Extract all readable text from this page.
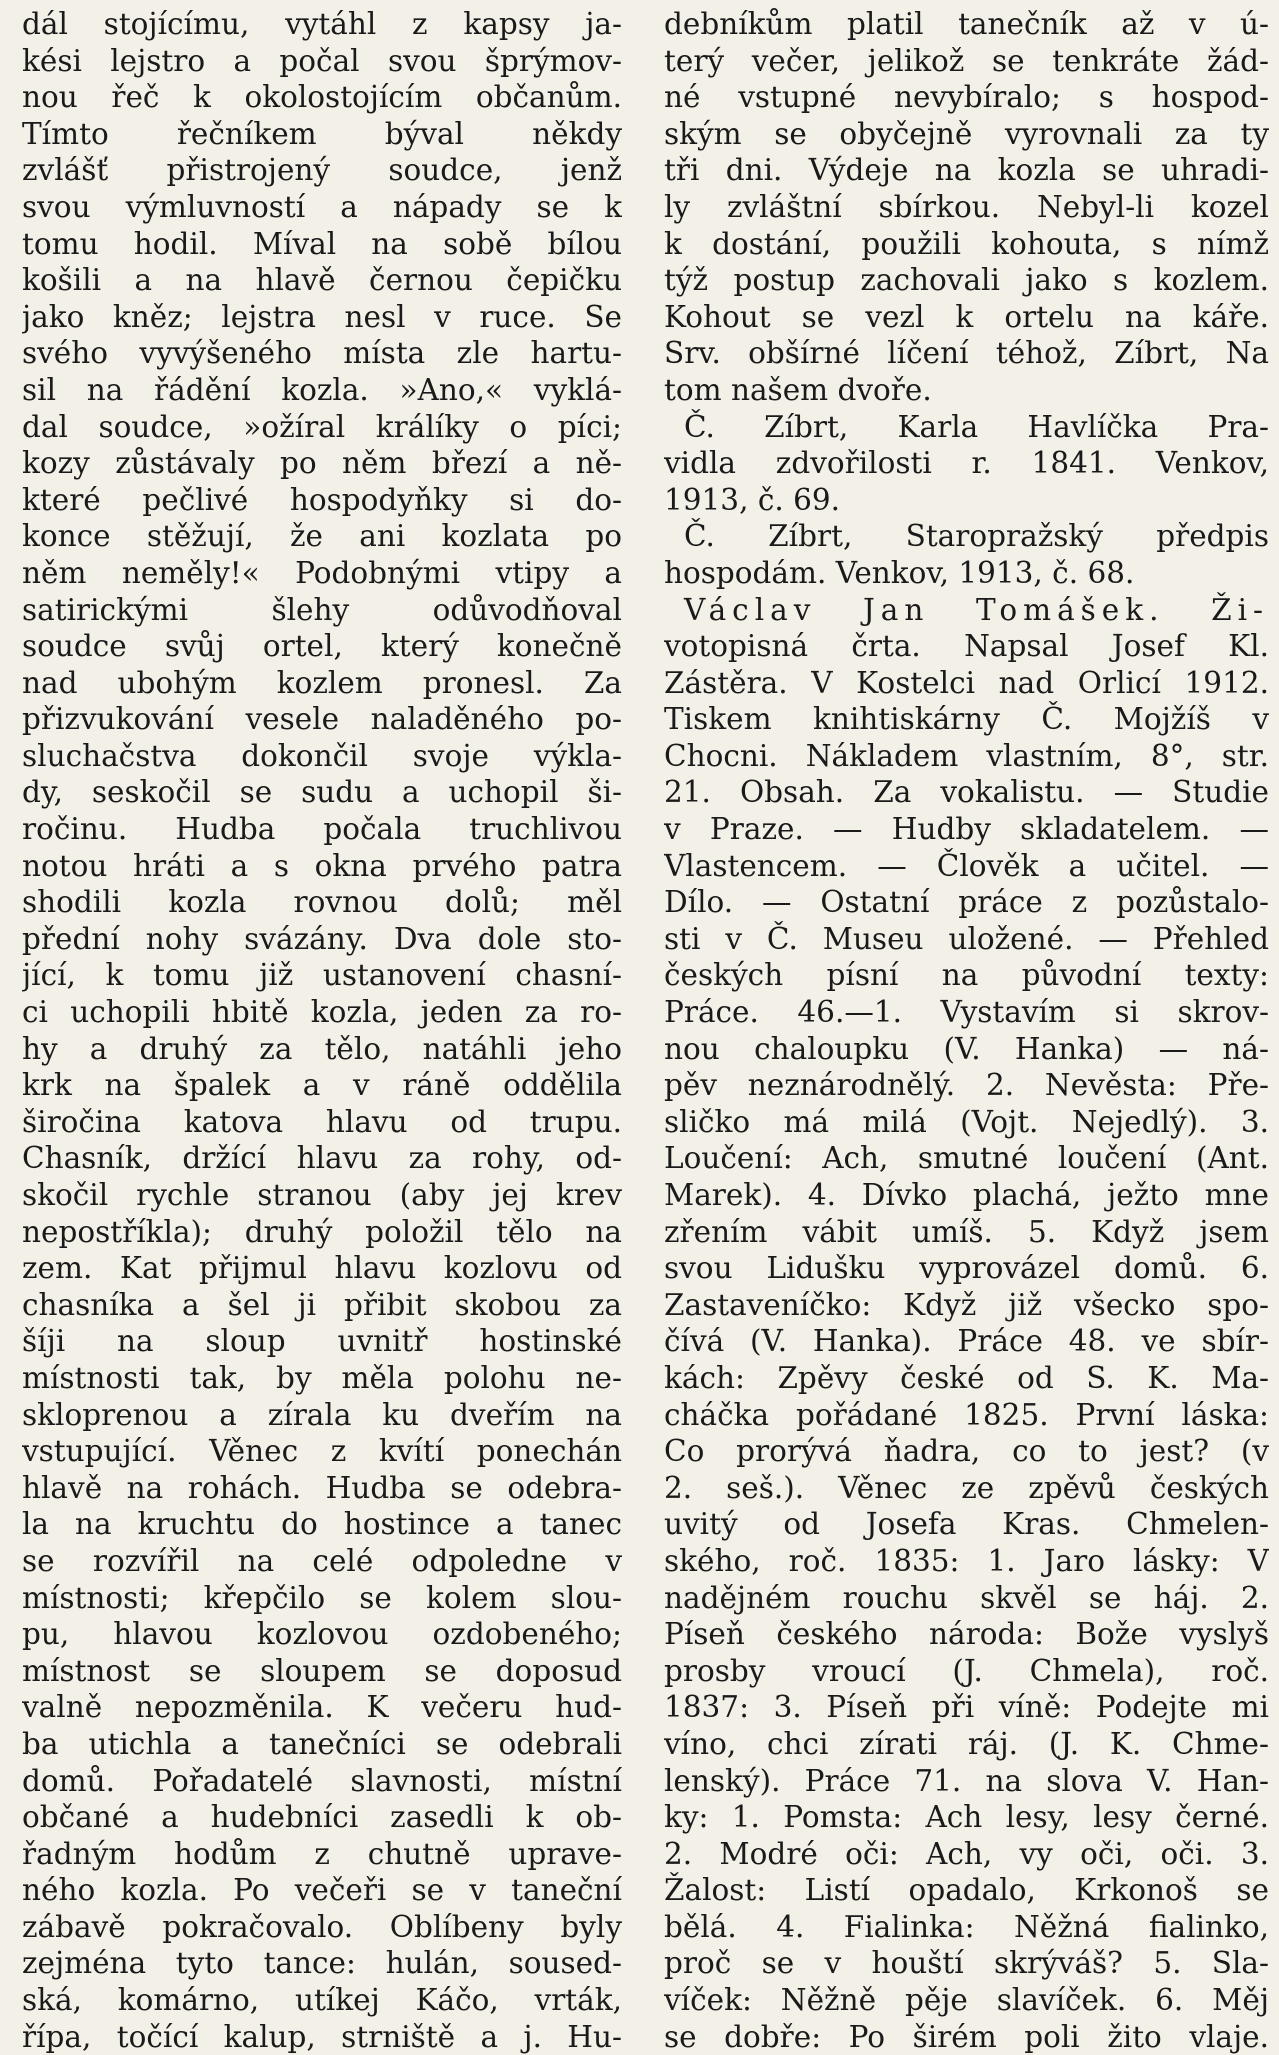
dál stojícímu, vytáhl z kapsy ja-
kési lejstro a počal svou šprýmov-
nou řeč k okolostojícím občanům.
Tímto řečníkem býval někdy
zvlášť přistrojený soudce, jenž
svou výmluvností a nápady se k
tomu hodil. Míval na sobě bílou
košili a na hlavě černou čepičku
jako kněz; lejstra nesl v ruce. Se
svého vyvýšeného místa zle hartu-
sil na řádění kozla. »Ano,« vyklá-
dal soudce, »ožíral králíky o píci;
kozy zůstávaly po něm březí a ně-
které pečlivé hospodyňky si do-
konce stěžují, že ani kozlata po
něm neměly!« Podobnými vtipy a
satirickými šlehy odůvodňoval
soudce svůj ortel, který konečně
nad ubohým kozlem pronesl. Za
přizvukování vesele naladěného po-
sluchačstva dokončil svoje výkla-
dy, seskočil se sudu a uchopil ši-
ročinu. Hudba počala truchlivou
notou hráti a s okna prvého patra
shodili kozla rovnou dolů; měl
přední nohy svázány. Dva dole sto-
jící, k tomu již ustanovení chasní-
ci uchopili hbitě kozla, jeden za ro-
hy a druhý za tělo, natáhli jeho
krk na špalek a v ráně oddělila
širočina katova hlavu od trupu.
Chasník, držící hlavu za rohy, od-
skočil rychle stranou (aby jej krev
nepostříkla); druhý položil tělo na
zem. Kat přijmul hlavu kozlovu od
chasníka a šel ji přibit skobou za
šíji na sloup uvnitř hostinské
místnosti tak, by měla polohu ne-
skloprenou a zírala ku dveřím na
vstupující. Věnec z kvítí ponechán
hlavě na rohách. Hudba se odebra-
la na kruchtu do hostince a tanec
se rozvířil na celé odpoledne v
místnosti; křepčilo se kolem slou-
pu, hlavou kozlovou ozdobeného;
místnost se sloupem se doposud
valně nepozměnila. K večeru hud-
ba utichla a tanečníci se odebrali
domů. Pořadatelé slavnosti, místní
občané a hudebníci zasedli k ob-
řadným hodům z chutně uprave-
ného kozla. Po večeři se v taneční
zábavě pokračovalo. Oblíbeny byly
zejména tyto tance: hulán, soused-
ská, komárno, utíkej Káčo, vrták,
řípa, točící kalup, strniště a j. Hu-
debníkům platil tanečník až v ú-
terý večer, jelikož se tenkráte žád-
né vstupné nevybíralo; s hospod-
ským se obyčejně vyrovnali za ty
tři dni. Výdeje na kozla se uhradi-
ly zvláštní sbírkou. Nebyl-li kozel
k dostání, použili kohouta, s nímž
týž postup zachovali jako s kozlem.
Kohout se vezl k ortelu na káře.
Srv. obšírné líčení téhož, Zíbrt, Na
tom našem dvoře.
Č. Zíbrt, Karla Havlíčka Pra-
vidla zdvořilosti r. 1841. Venkov,
1913, č. 69.
Č. Zíbrt, Staropražský předpis
hospodám. Venkov, 1913, č. 68.
Václav Jan Tomášek. Ži-
votopisná črta. Napsal Josef Kl.
Zástěra. V Kostelci nad Orlicí 1912.
Tiskem knihtiskárny Č. Mojžíš v
Chocni. Nákladem vlastním, 8°, str.
21. Obsah. Za vokalistu. — Studie
v Praze. — Hudby skladatelem. —
Vlastencem. — Člověk a učitel. —
Dílo. — Ostatní práce z pozůstalo-
sti v Č. Museu uložené. — Přehled
českých písní na původní texty:
Práce. 46.—1. Vystavím si skrov-
nou chaloupku (V. Hanka) — ná-
pěv neznárodnělý. 2. Nevěsta: Pře-
sličko má milá (Vojt. Nejedlý). 3.
Loučení: Ach, smutné loučení (Ant.
Marek). 4. Dívko plachá, ježto mne
zřením vábit umíš. 5. Když jsem
svou Lidušku vyprovázel domů. 6.
Zastaveníčko: Když již všecko spo-
čívá (V. Hanka). Práce 48. ve sbír-
kách: Zpěvy české od S. K. Ma-
cháčka pořádané 1825. První láska:
Co prorývá ňadra, co to jest? (v
2. seš.). Věnec ze zpěvů českých
uvitý od Josefa Kras. Chmelen-
ského, roč. 1835: 1. Jaro lásky: V
nadějném rouchu skvěl se háj. 2.
Píseň českého národa: Bože vyslyš
prosby vroucí (J. Chmela), roč.
1837: 3. Píseň při víně: Podejte mi
víno, chci zírati ráj. (J. K. Chme-
lenský). Práce 71. na slova V. Han-
ky: 1. Pomsta: Ach lesy, lesy černé.
2. Modré oči: Ach, vy oči, oči. 3.
Žalost: Listí opadalo, Krkonoš se
bělá. 4. Fialinka: Něžná fialinko,
proč se v houští skrýváš? 5. Sla-
víček: Něžně pěje slavíček. 6. Měj
se dobře: Po širém poli žito vlaje.
